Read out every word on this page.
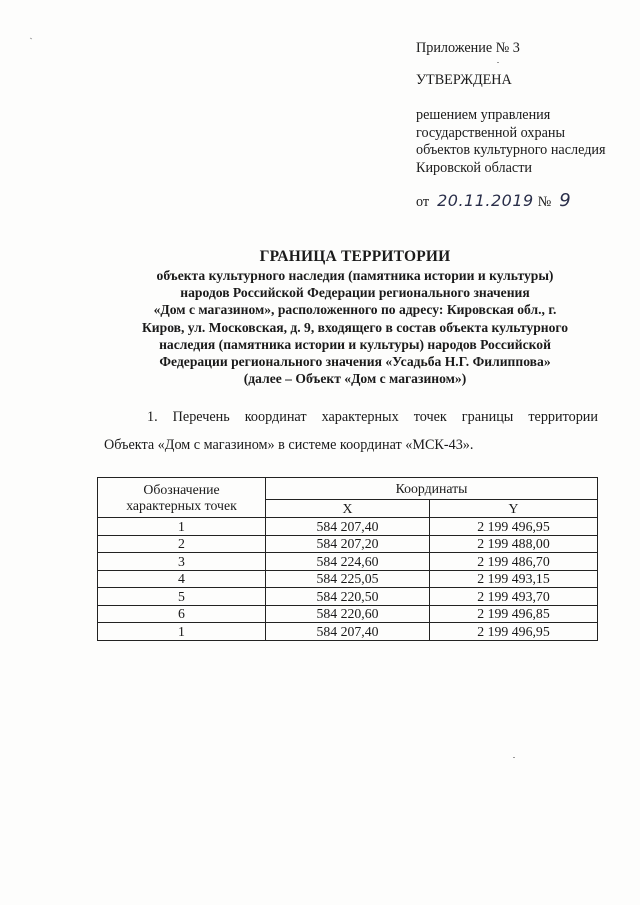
Приложение № 3
УТВЕРЖДЕНА
решением управления
государственной охраны
объектов культурного наследия
Кировской области
от 20.11.2019 № 9
ГРАНИЦА ТЕРРИТОРИИ
объекта культурного наследия (памятника истории и культуры)
народов Российской Федерации регионального значения
«Дом с магазином», расположенного по адресу: Кировская обл., г.
Киров, ул. Московская, д. 9, входящего в состав объекта культурного
наследия (памятника истории и культуры) народов Российской
Федерации регионального значения «Усадьба Н.Г. Филиппова»
(далее – Объект «Дом с магазином»)
1. Перечень координат характерных точек границы территории
Объекта «Дом с магазином» в системе координат «МСК-43».
Обозначение
характерных точек	Координаты	
	X	Y
1	584 207,40	2 199 496,95
2	584 207,20	2 199 488,00
3	584 224,60	2 199 486,70
4	584 225,05	2 199 493,15
5	584 220,50	2 199 493,70
6	584 220,60	2 199 496,85
1	584 207,40	2 199 496,95
